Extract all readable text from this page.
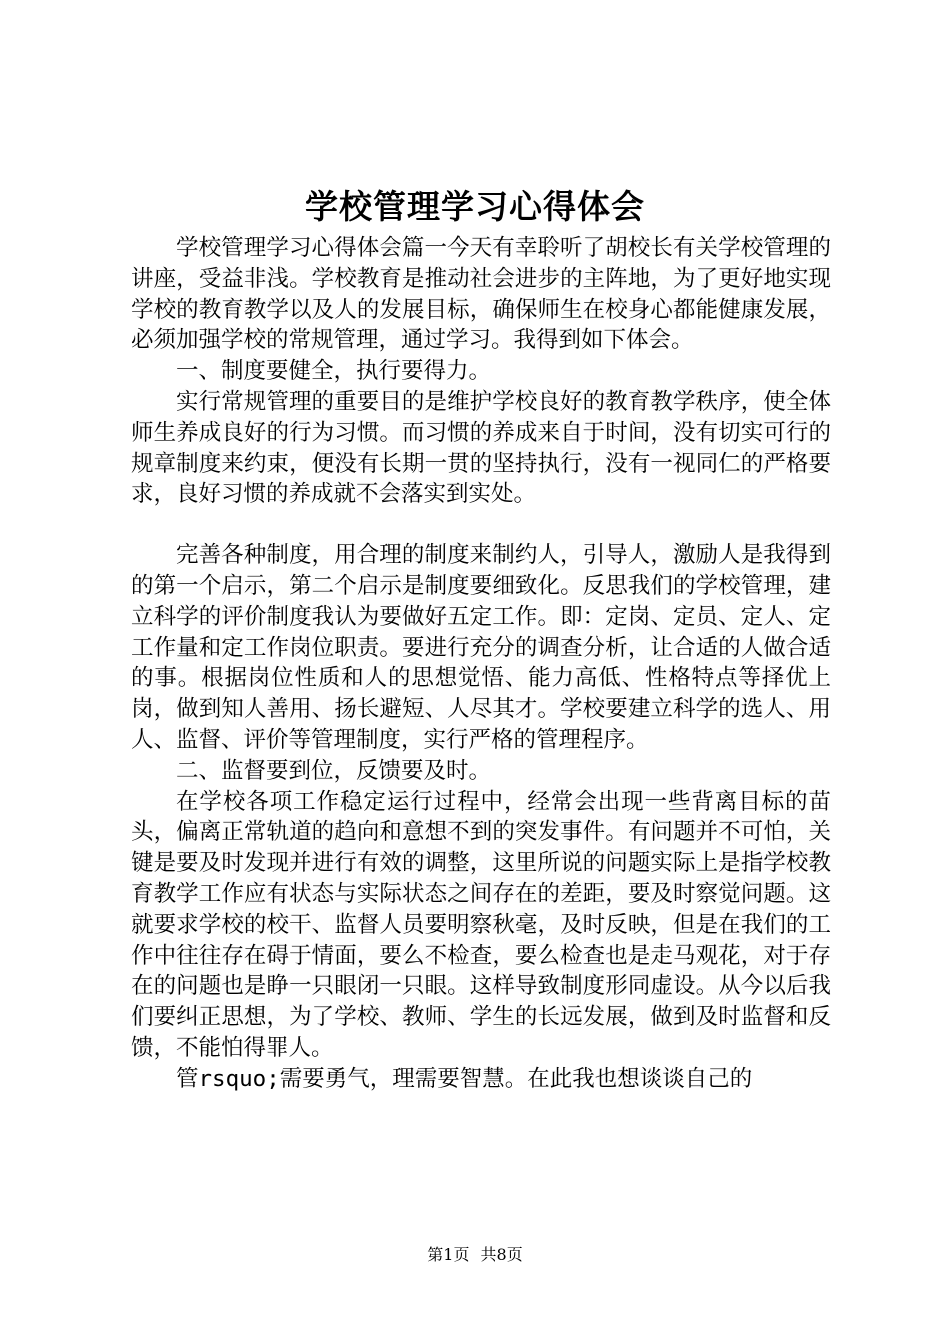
学校管理学习心得体会

学校管理学习心得体会篇一今天有幸聆听了胡校长有关学校管理的讲座，受益非浅。学校教育是推动社会进步的主阵地，为了更好地实现学校的教育教学以及人的发展目标，确保师生在校身心都能健康发展，必须加强学校的常规管理，通过学习。我得到如下体会。

一、制度要健全，执行要得力。

实行常规管理的重要目的是维护学校良好的教育教学秩序，使全体师生养成良好的行为习惯。而习惯的养成来自于时间，没有切实可行的规章制度来约束，便没有长期一贯的坚持执行，没有一视同仁的严格要求，良好习惯的养成就不会落实到实处。

完善各种制度，用合理的制度来制约人，引导人，激励人是我得到的第一个启示，第二个启示是制度要细致化。反思我们的学校管理，建立科学的评价制度我认为要做好五定工作。即：定岗、定员、定人、定工作量和定工作岗位职责。要进行充分的调查分析，让合适的人做合适的事。根据岗位性质和人的思想觉悟、能力高低、性格特点等择优上岗，做到知人善用、扬长避短、人尽其才。学校要建立科学的选人、用人、监督、评价等管理制度，实行严格的管理程序。

二、监督要到位，反馈要及时。

在学校各项工作稳定运行过程中，经常会出现一些背离目标的苗头，偏离正常轨道的趋向和意想不到的突发事件。有问题并不可怕，关键是要及时发现并进行有效的调整，这里所说的问题实际上是指学校教育教学工作应有状态与实际状态之间存在的差距，要及时察觉问题。这就要求学校的校干、监督人员要明察秋毫，及时反映，但是在我们的工作中往往存在碍于情面，要么不检查，要么检查也是走马观花，对于存在的问题也是睁一只眼闭一只眼。这样导致制度形同虚设。从今以后我们要纠正思想，为了学校、教师、学生的长远发展，做到及时监督和反馈，不能怕得罪人。

管rsquo;需要勇气，理需要智慧。在此我也想谈谈自己的

第1页 共8页
